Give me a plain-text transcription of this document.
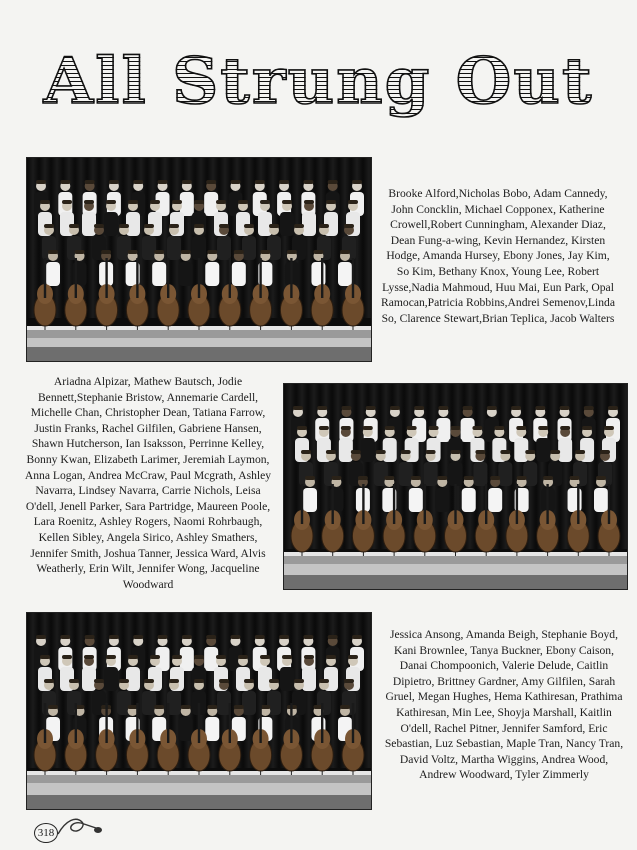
All Strung Out
Brooke Alford,Nicholas Bobo, Adam Cannedy, John Concklin, Michael Copponex, Katherine Crowell,Robert Cunningham, Alexander Diaz, Dean Fung-a-wing, Kevin Hernandez, Kirsten Hodge, Amanda Hursey, Ebony Jones, Jay Kim, So Kim, Bethany Knox, Young Lee, Robert Lysse,Nadia Mahmoud, Huu Mai, Eun Park, Opal Ramocan,Patricia Robbins,Andrei Semenov,Linda So, Clarence Stewart,Brian Teplica, Jacob Walters
Ariadna Alpizar, Mathew Bautsch, Jodie Bennett,Stephanie Bristow, Annemarie Cardell, Michelle Chan, Christopher Dean, Tatiana Farrow, Justin Franks, Rachel Gilfilen, Gabriene Hansen, Shawn Hutcherson, Ian Isaksson, Perrinne Kelley, Bonny Kwan, Elizabeth Larimer, Jeremiah Laymon, Anna Logan, Andrea McCraw, Paul Mcgrath, Ashley Navarra, Lindsey Navarra, Carrie Nichols, Leisa O'dell, Jenell Parker, Sara Partridge, Maureen Poole, Lara Roenitz, Ashley Rogers, Naomi Rohrbaugh, Kellen Sibley, Angela Sirico, Ashley Smathers, Jennifer Smith, Joshua Tanner, Jessica Ward, Alvis Weatherly, Erin Wilt, Jennifer Wong, Jacqueline Woodward
Jessica Ansong, Amanda Beigh, Stephanie Boyd, Kani Brownlee, Tanya Buckner, Ebony Caison, Danai Chompoonich, Valerie Delude, Caitlin Dipietro, Brittney Gardner, Amy Gilfilen, Sarah Gruel, Megan Hughes, Hema Kathiresan, Prathima Kathiresan, Min Lee, Shoyja Marshall, Kaitlin O'dell, Rachel Pitner, Jennifer Samford, Eric Sebastian, Luz Sebastian, Maple Tran, Nancy Tran, David Voltz, Martha Wiggins, Andrea Wood, Andrew Woodward, Tyler Zimmerly
318
